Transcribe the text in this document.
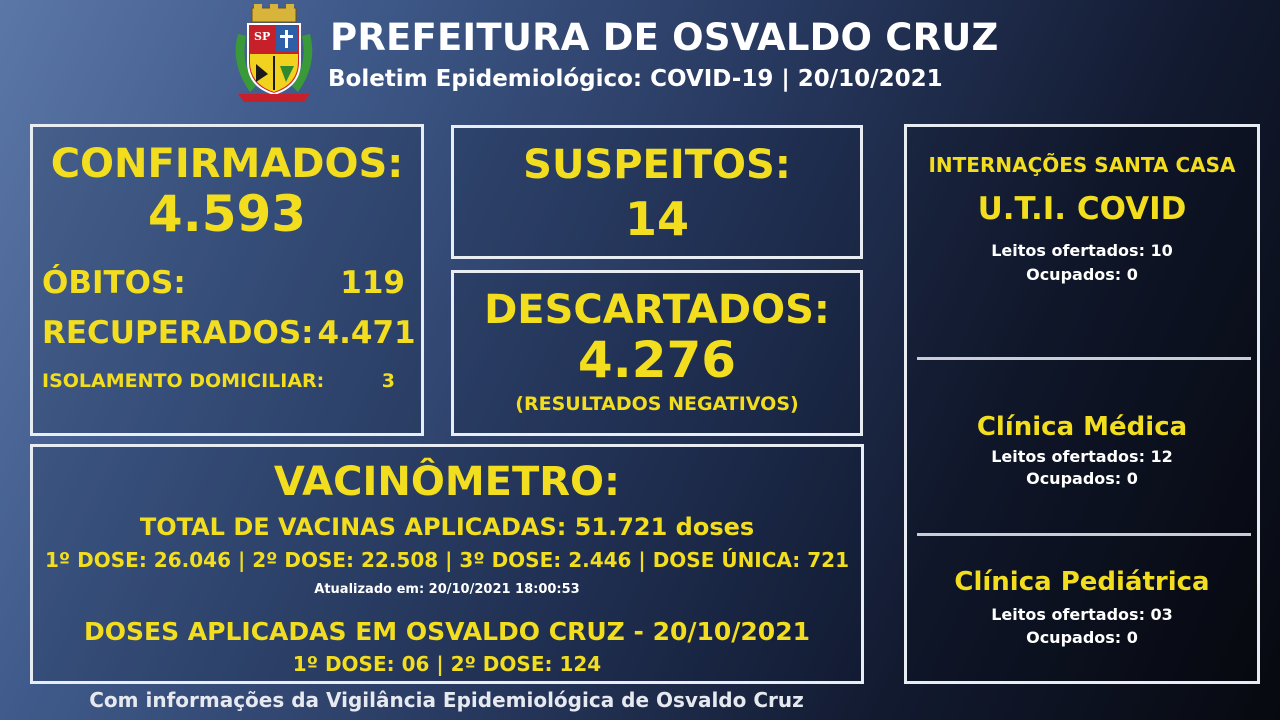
SP PREFEITURA DE OSVALDO CRUZ
Boletim Epidemiológico: COVID-19 | 20/10/2021
CONFIRMADOS:
4.593
ÓBITOS:	119
RECUPERADOS: 4.471
ISOLAMENTO DOMICILIAR:	3
SUSPEITOS:
14
DESCARTADOS:
4.276
(RESULTADOS NEGATIVOS)
VACINÔMETRO:
TOTAL DE VACINAS APLICADAS: 51.721 doses
1º DOSE: 26.046 | 2º DOSE: 22.508 | 3º DOSE: 2.446 | DOSE ÚNICA: 721
Atualizado em: 20/10/2021 18:00:53
DOSES APLICADAS EM OSVALDO CRUZ - 20/10/2021
1º DOSE: 06 | 2º DOSE: 124
INTERNAÇÕES SANTA CASA
U.T.I. COVID
Leitos ofertados: 10
Ocupados: 0
Clínica Médica
Leitos ofertados: 12
Ocupados: 0
Clínica Pediátrica
Leitos ofertados: 03
Ocupados: 0
Com informações da Vigilância Epidemiológica de Osvaldo Cruz
